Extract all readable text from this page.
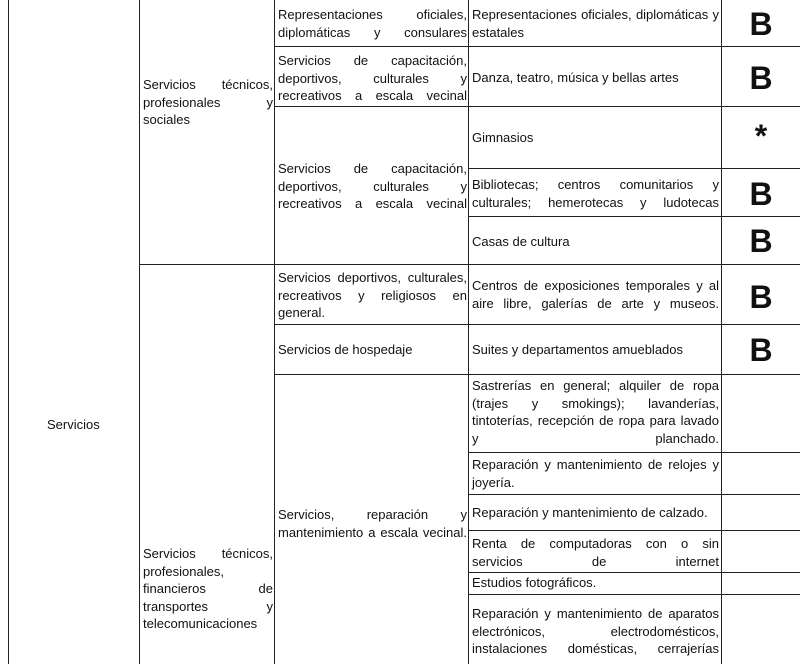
Servicios
Servicios técnicos, profesionales y sociales
Servicios técnicos, profesionales, financieros de transportes y telecomunicaciones
Representaciones oficiales, diplomáticas y consulares
Servicios de capacitación, deportivos, culturales y recreativos a escala vecinal
Servicios de capacitación, deportivos, culturales y recreativos a escala vecinal
Servicios deportivos, culturales, recreativos y religiosos en general.
Servicios de hospedaje
Servicios, reparación y mantenimiento a escala vecinal.
Representaciones oficiales, diplomáticas y estatales
Danza, teatro, música y bellas artes
Gimnasios
Bibliotecas; centros comunitarios y culturales; hemerotecas y ludotecas
Casas de cultura
Centros de exposiciones temporales y al aire libre, galerías de arte y museos.
Suites y departamentos amueblados
Sastrerías en general; alquiler de ropa (trajes y smokings); lavanderías, tintoterías, recepción de ropa para lavado y planchado.
Reparación y mantenimiento de relojes y joyería.
Reparación y mantenimiento de calzado.
Renta de computadoras con o sin servicios de internet
Estudios fotográficos.
Reparación y mantenimiento de aparatos electrónicos, electrodomésticos, instalaciones domésticas, cerrajerías
B
B
*
B
B
B
B
